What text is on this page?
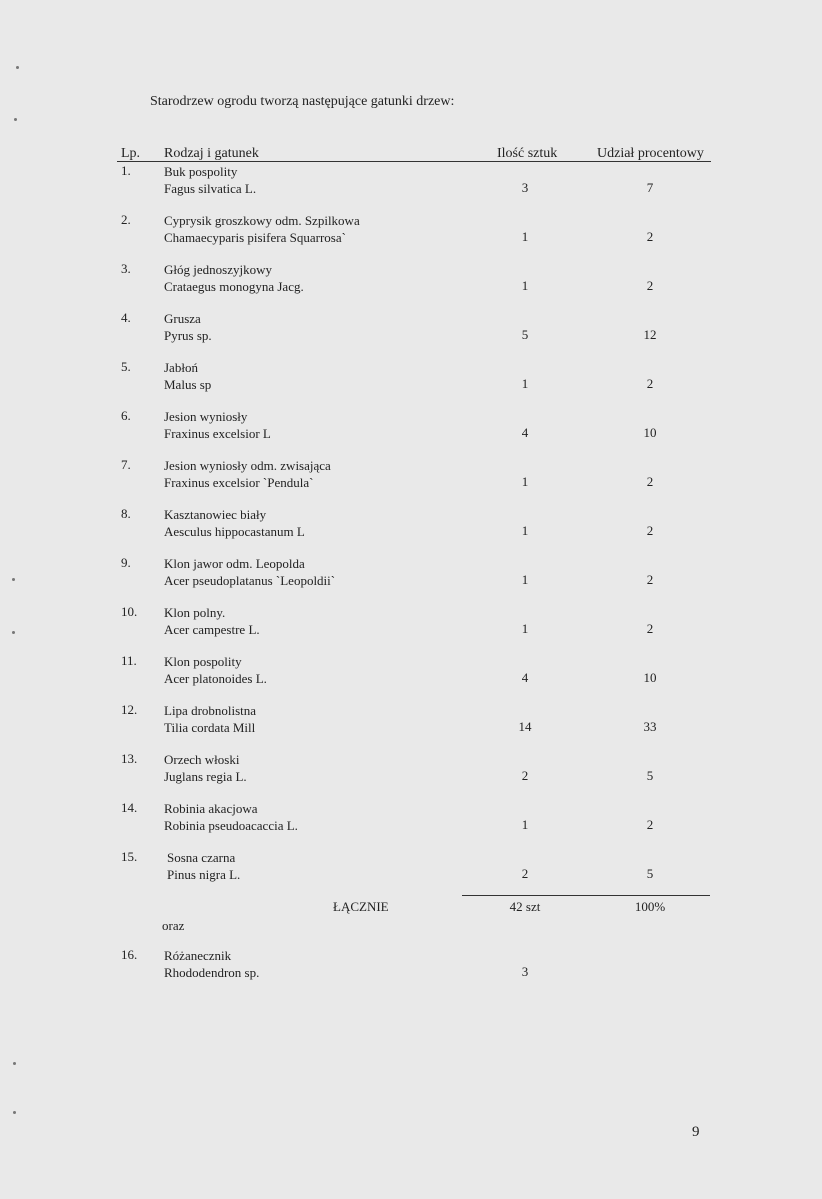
Starodrzew ogrodu tworzą następujące gatunki drzew:
Lp. Rodzaj i gatunek	Ilość sztuk	Udział procentowy
1.	Buk pospolity
Fagus silvatica L.	3	7
2.	Cyprysik groszkowy odm. Szpilkowa
Chamaecyparis pisifera Squarrosa`	1	2
3.	Głóg jednoszyjkowy
Crataegus monogyna Jacg.	1	2
4.	Grusza
Pyrus sp.	5	12
5.	Jabłoń
Malus sp	1	2
6.	Jesion wyniosły
Fraxinus excelsior L	4	10
7.	Jesion wyniosły odm. zwisająca
Fraxinus excelsior `Pendula`	1	2
8.	Kasztanowiec biały
Aesculus hippocastanum L	1	2
9.	Klon jawor odm. Leopolda
Acer pseudoplatanus `Leopoldii`	1	2
10. Klon polny.
Acer campestre L.	1	2
11. Klon pospolity
Acer platonoides L.	4	10
12. Lipa drobnolistna
Tilia cordata Mill	14	33
13. Orzech włoski
Juglans regia L.	2	5
14. Robinia akacjowa
Robinia pseudoacaccia L.	1	2
15. Sosna czarna
Pinus nigra L.	2	5
ŁĄCZNIE	42 szt	100%
oraz
16. Różanecznik
Rhododendron sp.	3
9
